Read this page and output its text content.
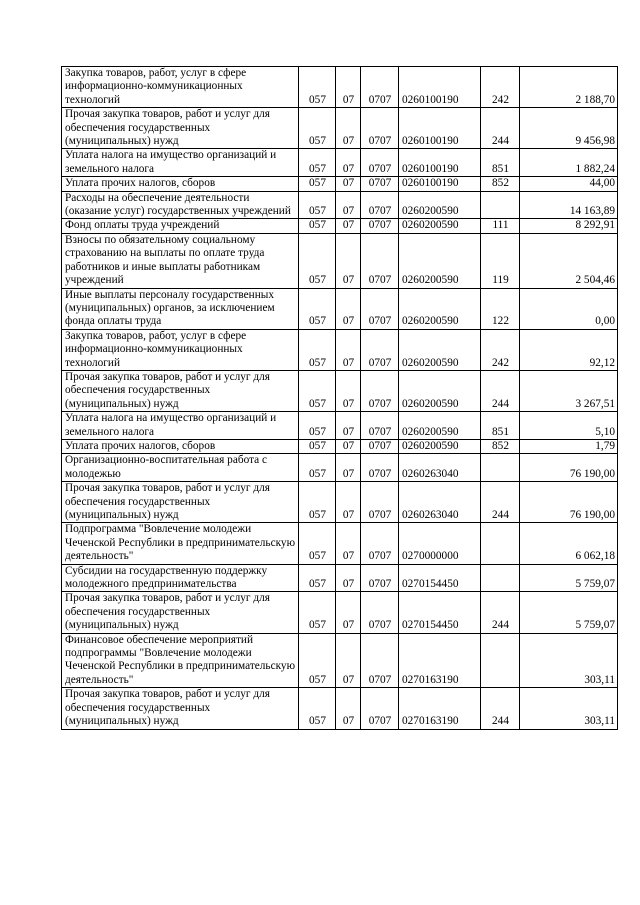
Закупка товаров, работ, услуг в сфере информационно-коммуникационных технологий	057	07	0707	0260100190	242	2 188,70
Прочая закупка товаров, работ и услуг для обеспечения государственных (муниципальных) нужд	057	07	0707	0260100190	244	9 456,98
Уплата налога на имущество организаций и земельного налога	057	07	0707	0260100190	851	1 882,24
Уплата прочих налогов, сборов	057	07	0707	0260100190	852	44,00
Расходы на обеспечение деятельности (оказание услуг) государственных учреждений	057	07	0707	0260200590		14 163,89
Фонд оплаты труда учреждений	057	07	0707	0260200590	111	8 292,91
Взносы по обязательному социальному страхованию на выплаты по оплате труда работников и иные выплаты работникам учреждений	057	07	0707	0260200590	119	2 504,46
Иные выплаты персоналу государственных (муниципальных) органов, за исключением фонда оплаты труда	057	07	0707	0260200590	122	0,00
Закупка товаров, работ, услуг в сфере информационно-коммуникационных технологий	057	07	0707	0260200590	242	92,12
Прочая закупка товаров, работ и услуг для обеспечения государственных (муниципальных) нужд	057	07	0707	0260200590	244	3 267,51
Уплата налога на имущество организаций и земельного налога	057	07	0707	0260200590	851	5,10
Уплата прочих налогов, сборов	057	07	0707	0260200590	852	1,79
Организационно-воспитательная работа с молодежью	057	07	0707	0260263040		76 190,00
Прочая закупка товаров, работ и услуг для обеспечения государственных (муниципальных) нужд	057	07	0707	0260263040	244	76 190,00
Подпрограмма "Вовлечение молодежи Чеченской Республики в предпринимательскую деятельность"	057	07	0707	0270000000		6 062,18
Субсидии на государственную поддержку молодежного предпринимательства	057	07	0707	0270154450		5 759,07
Прочая закупка товаров, работ и услуг для обеспечения государственных (муниципальных) нужд	057	07	0707	0270154450	244	5 759,07
Финансовое обеспечение мероприятий подпрограммы "Вовлечение молодежи Чеченской Республики в предпринимательскую деятельность"	057	07	0707	0270163190		303,11
Прочая закупка товаров, работ и услуг для обеспечения государственных (муниципальных) нужд	057	07	0707	0270163190	244	303,11
